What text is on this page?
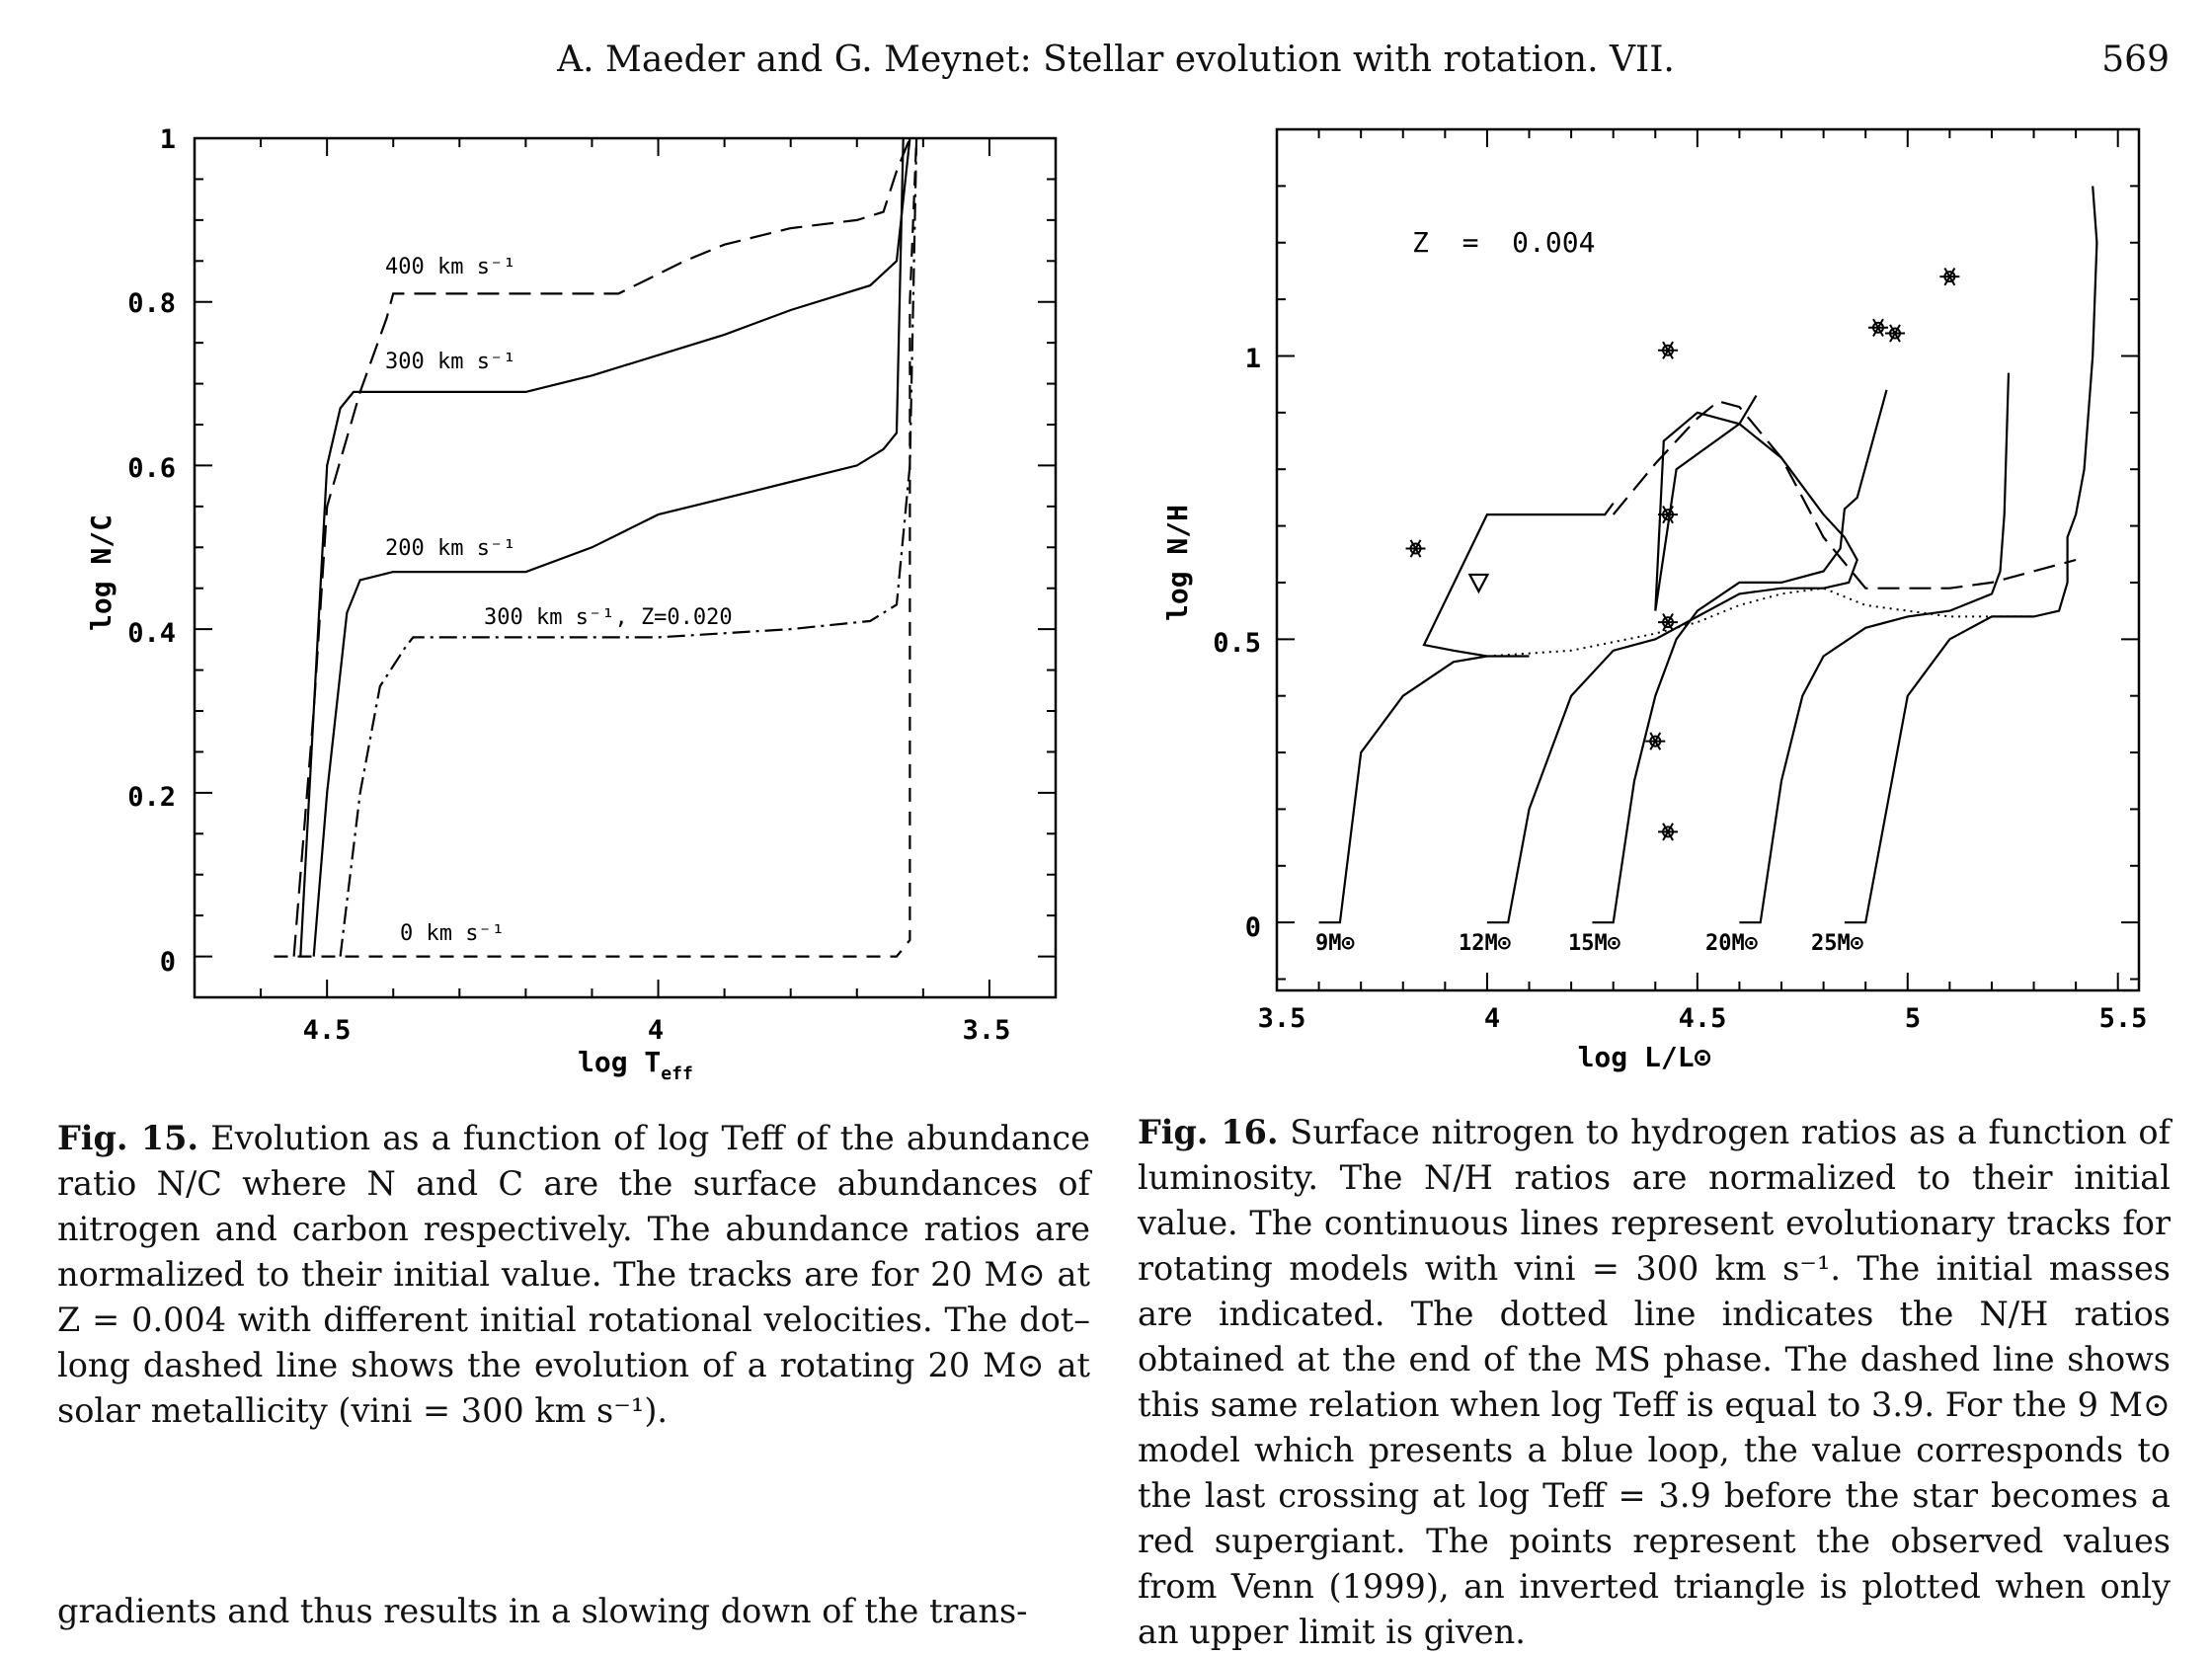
A. Maeder and G. Meynet: Stellar evolution with rotation. VII.	569
4.5	4	3.5
1
0.8
0.6
0.4
0.2
0
$\log T_{eff}$
log N/C
400 km s⁻¹
300 km s⁻¹
200 km s⁻¹
300 km s⁻¹, Z=0.020
0 km s⁻¹
3.5	4	4.5	5	5.5
1
0.5
0
log L/L⊙
log N/H
Z  =  0.004
9M⊙	12M⊙	15M⊙	20M⊙ 25M⊙
Fig. 15. Evolution as a function of log Teff of the abundance ratio N/C where N and C are the surface abundances of nitrogen and carbon respectively. The abundance ratios are normalized to their initial value. The tracks are for 20 M⊙ at Z = 0.004 with different initial rotational velocities. The dot–long dashed line shows the evolution of a rotating 20 M⊙ at solar metallicity (vini = 300 km s⁻¹).
Fig. 16. Surface nitrogen to hydrogen ratios as a function of luminosity. The N/H ratios are normalized to their initial value. The continuous lines represent evolutionary tracks for rotating models with vini = 300 km s⁻¹. The initial masses are indicated. The dotted line indicates the N/H ratios obtained at the end of the MS phase. The dashed line shows this same relation when log Teff is equal to 3.9. For the 9 M⊙ model which presents a blue loop, the value corresponds to the last crossing at log Teff = 3.9 before the star becomes a red supergiant. The points represent the observed values from Venn (1999), an inverted triangle is plotted when only an upper limit is given.
gradients and thus results in a slowing down of the trans-
